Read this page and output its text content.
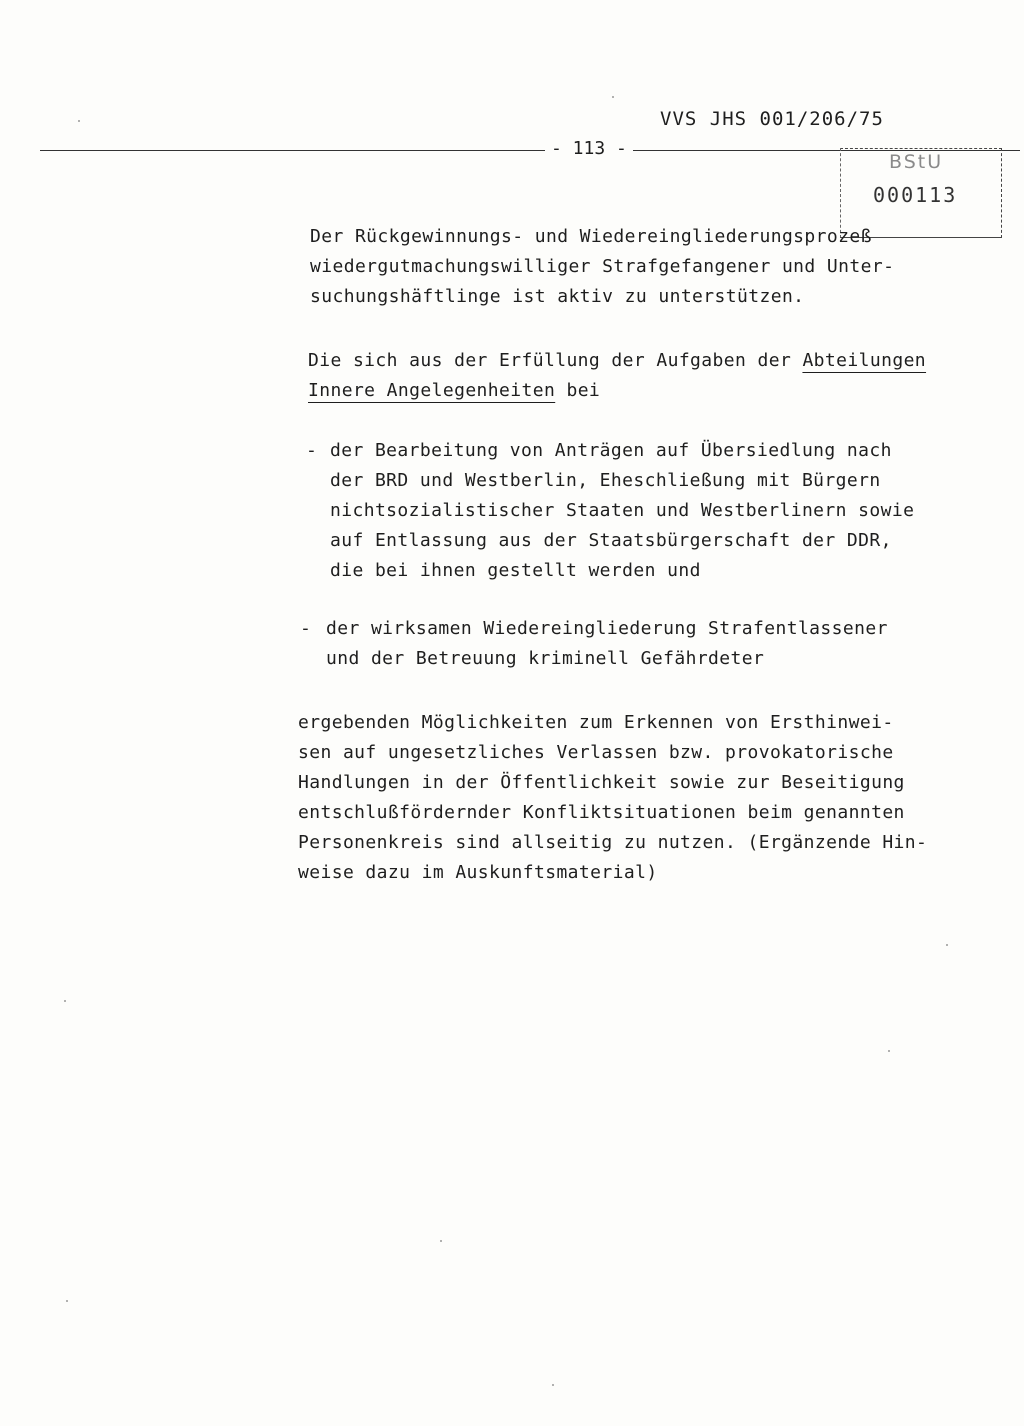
VVS JHS 001/206/75
- 113 -
BStU
000113
Der Rückgewinnungs- und Wiedereingliederungsprozeß
wiedergutmachungswilliger Strafgefangener und Unter-
suchungshäftlinge ist aktiv zu unterstützen.
Die sich aus der Erfüllung der Aufgaben der Abteilungen
Innere Angelegenheiten bei
- der Bearbeitung von Anträgen auf Übersiedlung nach
der BRD und Westberlin, Eheschließung mit Bürgern
nichtsozialistischer Staaten und Westberlinern sowie
auf Entlassung aus der Staatsbürgerschaft der DDR,
die bei ihnen gestellt werden und
- der wirksamen Wiedereingliederung Strafentlassener
und der Betreuung kriminell Gefährdeter
ergebenden Möglichkeiten zum Erkennen von Ersthinwei-
sen auf ungesetzliches Verlassen bzw. provokatorische
Handlungen in der Öffentlichkeit sowie zur Beseitigung
entschlußfördernder Konfliktsituationen beim genannten
Personenkreis sind allseitig zu nutzen. (Ergänzende Hin-
weise dazu im Auskunftsmaterial)
